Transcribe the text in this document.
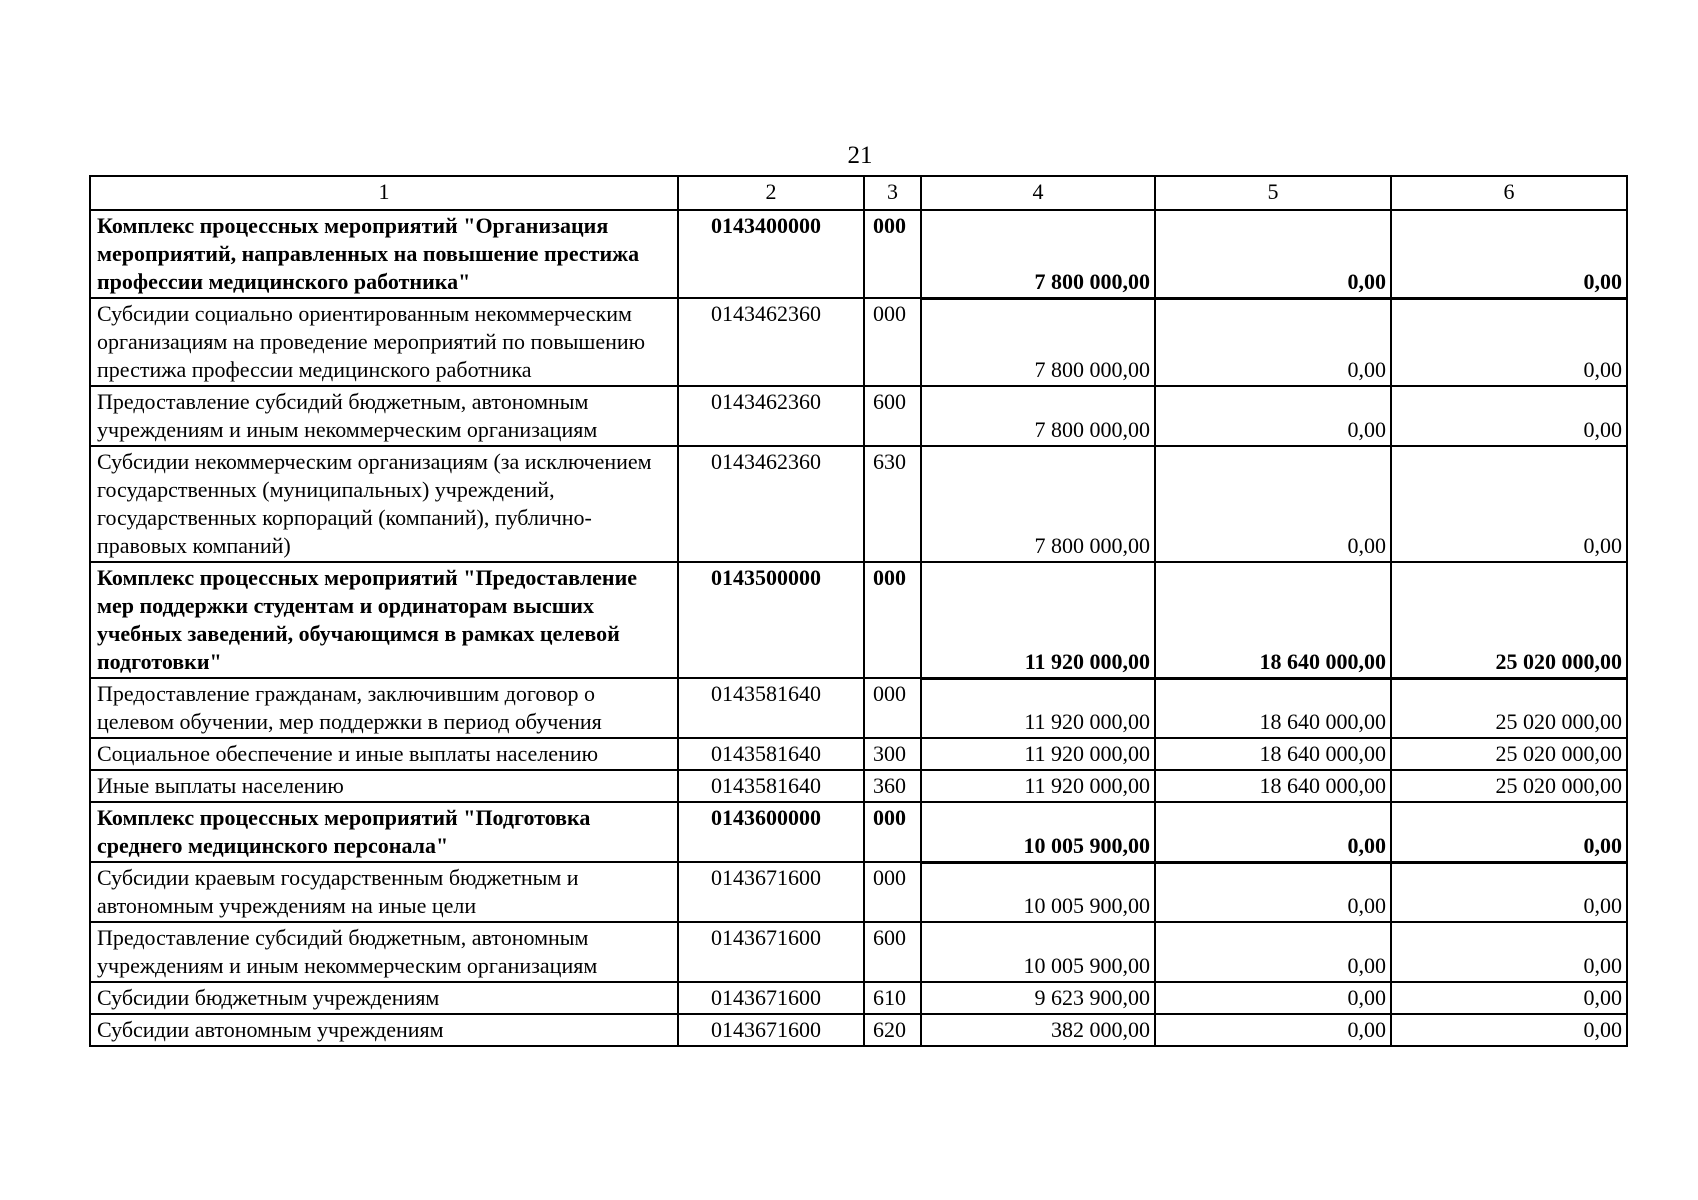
21
1	2	3	4	5	6
Комплекс процессных мероприятий "Организация мероприятий, направленных на повышение престижа профессии медицинского работника"	0143400000	000	7 800 000,00	0,00	0,00
Субсидии социально ориентированным некоммерческим организациям на проведение мероприятий по повышению престижа профессии медицинского работника	0143462360	000	7 800 000,00	0,00	0,00
Предоставление субсидий бюджетным, автономным учреждениям и иным некоммерческим организациям	0143462360	600	7 800 000,00	0,00	0,00
Субсидии некоммерческим организациям (за исключением государственных (муниципальных) учреждений, государственных корпораций (компаний), публично-правовых компаний)	0143462360	630	7 800 000,00	0,00	0,00
Комплекс процессных мероприятий "Предоставление мер поддержки студентам и ординаторам высших учебных заведений, обучающимся в рамках целевой подготовки"	0143500000	000	11 920 000,00	18 640 000,00	25 020 000,00
Предоставление гражданам, заключившим договор о целевом обучении, мер поддержки в период обучения	0143581640	000	11 920 000,00	18 640 000,00	25 020 000,00
Социальное обеспечение и иные выплаты населению	0143581640	300	11 920 000,00	18 640 000,00	25 020 000,00
Иные выплаты населению	0143581640	360	11 920 000,00	18 640 000,00	25 020 000,00
Комплекс процессных мероприятий "Подготовка среднего медицинского персонала"	0143600000	000	10 005 900,00	0,00	0,00
Субсидии краевым государственным бюджетным и автономным учреждениям на иные цели	0143671600	000	10 005 900,00	0,00	0,00
Предоставление субсидий бюджетным, автономным учреждениям и иным некоммерческим организациям	0143671600	600	10 005 900,00	0,00	0,00
Субсидии бюджетным учреждениям	0143671600	610	9 623 900,00	0,00	0,00
Субсидии автономным учреждениям	0143671600	620	382 000,00	0,00	0,00
